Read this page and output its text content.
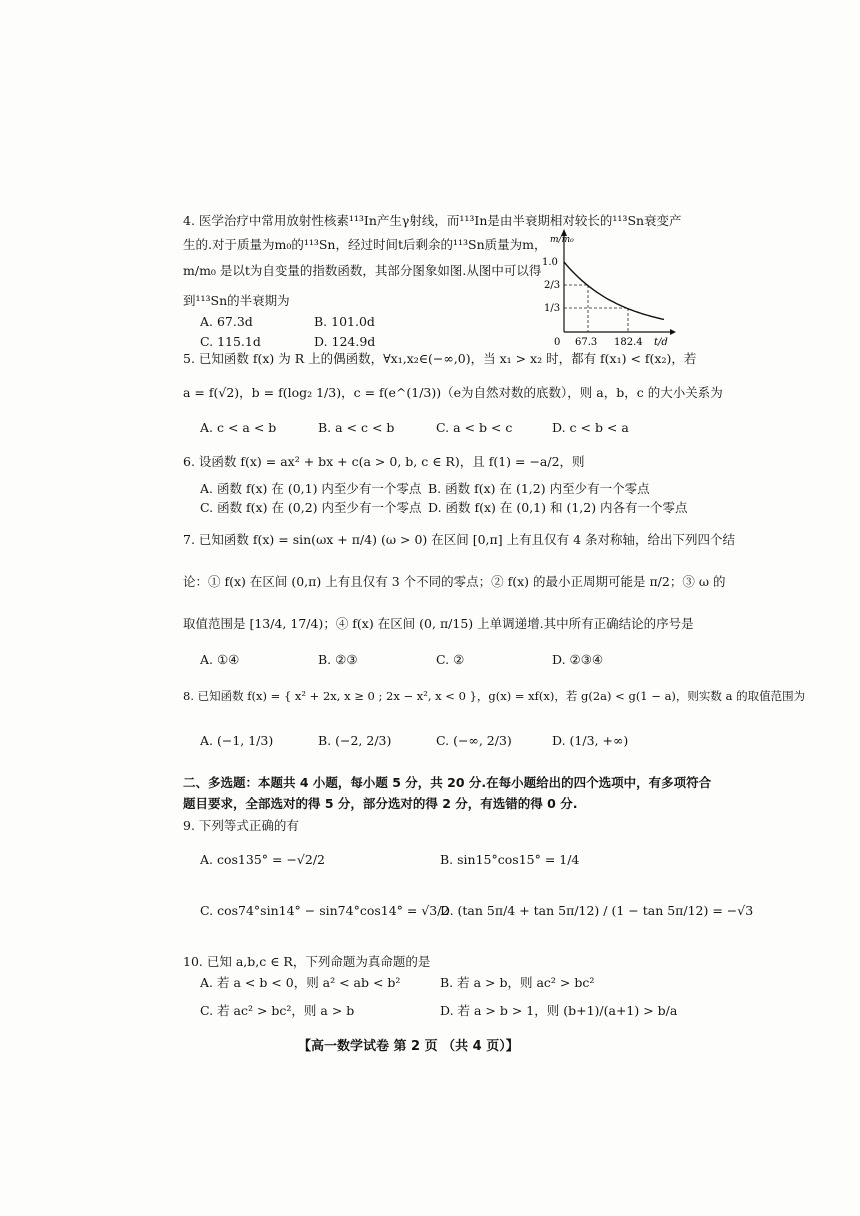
4. 医学治疗中常用放射性核素¹¹³In产生γ射线，而¹¹³In是由半衰期相对较长的¹¹³Sn衰变产
生的.对于质量为m₀的¹¹³Sn，经过时间t后剩余的¹¹³Sn质量为m，
m/m₀ 是以t为自变量的指数函数，其部分图象如图.从图中可以得
到¹¹³Sn的半衰期为
A. 67.3d	B. 101.0d
C. 115.1d	D. 124.9d
m/m₀
1.0
2/3
1/3
0 67.3 182.4 t/d
5. 已知函数 f(x) 为 R 上的偶函数，∀x₁,x₂∈(−∞,0)，当 x₁ > x₂ 时，都有 f(x₁) < f(x₂)，若
a = f(√2)，b = f(log₂ 1/3)，c = f(e^(1/3))（e为自然对数的底数），则 a，b，c 的大小关系为
A. c < a < b	B. a < c < b	C. a < b < c	D. c < b < a
6. 设函数 f(x) = ax² + bx + c(a > 0, b, c ∈ R)，且 f(1) = −a/2，则
A. 函数 f(x) 在 (0,1) 内至少有一个零点 B. 函数 f(x) 在 (1,2) 内至少有一个零点
C. 函数 f(x) 在 (0,2) 内至少有一个零点 D. 函数 f(x) 在 (0,1) 和 (1,2) 内各有一个零点
7. 已知函数 f(x) = sin(ωx + π/4) (ω > 0) 在区间 [0,π] 上有且仅有 4 条对称轴，给出下列四个结
论：① f(x) 在区间 (0,π) 上有且仅有 3 个不同的零点；② f(x) 的最小正周期可能是 π/2；③ ω 的
取值范围是 [13/4, 17/4)；④ f(x) 在区间 (0, π/15) 上单调递增.其中所有正确结论的序号是
A. ①④	B. ②③	C. ②	D. ②③④
8. 已知函数 f(x) = { x² + 2x, x ≥ 0 ; 2x − x², x < 0 }，g(x) = xf(x)，若 g(2a) < g(1 − a)，则实数 a 的取值范围为
A. (−1, 1/3)	B. (−2, 2/3)	C. (−∞, 2/3)	D. (1/3, +∞)
二、多选题：本题共 4 小题，每小题 5 分，共 20 分.在每小题给出的四个选项中，有多项符合
题目要求，全部选对的得 5 分，部分选对的得 2 分，有选错的得 0 分.
9. 下列等式正确的有
A. cos135° = −√2/2	B. sin15°cos15° = 1/4
C. cos74°sin14° − sin74°cos14° = √3/2
D. (tan 5π/4 + tan 5π/12) / (1 − tan 5π/12) = −√3
10. 已知 a,b,c ∈ R，下列命题为真命题的是
A. 若 a < b < 0，则 a² < ab < b²	B. 若 a > b，则 ac² > bc²
C. 若 ac² > bc²，则 a > b	D. 若 a > b > 1，则 (b+1)/(a+1) > b/a
【高一数学试卷 第 2 页 （共 4 页）】
